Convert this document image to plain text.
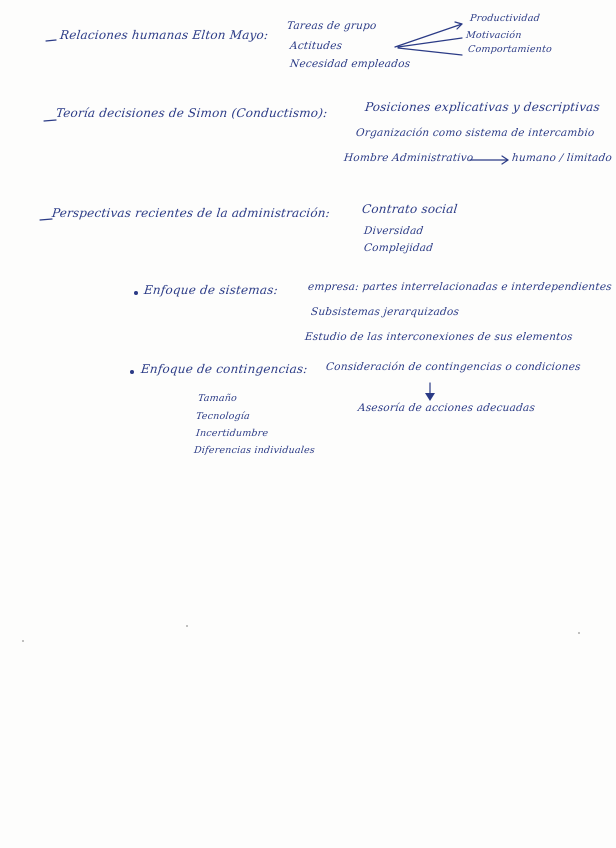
Relaciones humanas Elton Mayo:
Tareas de grupo
Actitudes
Necesidad empleados
Productividad
Motivación
Comportamiento
Teoría decisiones de Simon (Conductismo):	Posiciones explicativas y descriptivas
Organización como sistema de intercambio
Hombre Administrativo	humano / limitado
Perspectivas recientes de la administración:	Contrato social
Diversidad
Complejidad
Enfoque de sistemas:	empresa: partes interrelacionadas e interdependientes
Subsistemas jerarquizados
Estudio de las interconexiones de sus elementos
Enfoque de contingencias: Consideración de contingencias o condiciones
Asesoría de acciones adecuadas
Tamaño
Tecnología
Incertidumbre
Diferencias individuales
